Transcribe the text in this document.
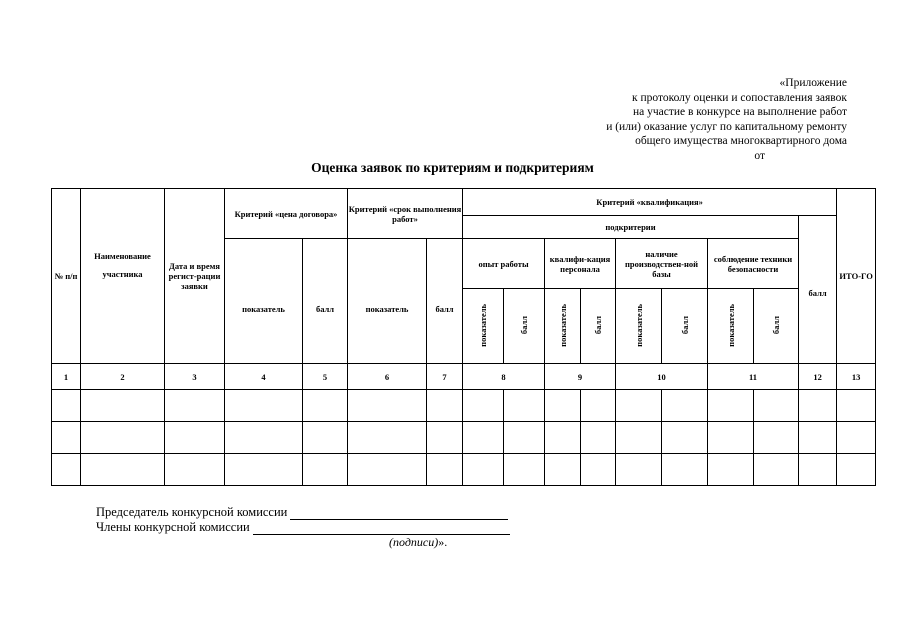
«Приложение
к протоколу оценки и сопоставления заявок
на участие в конкурсе на выполнение работ
и (или) оказание услуг по капитальному ремонту
общего имущества многоквартирного дома
от
Оценка заявок по критериям и подкритериям
№ п/п	Наименование участника	Дата и время регист-рации заявки	Критерий «цена договора»		Критерий «срок выполнения работ»		Критерий «квалификация»									ИТО-ГО
							подкритерии								балл	
			показатель	балл	показатель	балл	опыт работы		квалифи-кация персонала		наличие производствен-ной базы		соблюдение техники безопасности			
							показатель	балл	показатель	балл	показатель	балл	показатель	балл		
1	2	3	4	5	6	7	8		9		10		11		12	13

Председатель конкурсной комиссии
Члены конкурсной комиссии
(подписи)».
